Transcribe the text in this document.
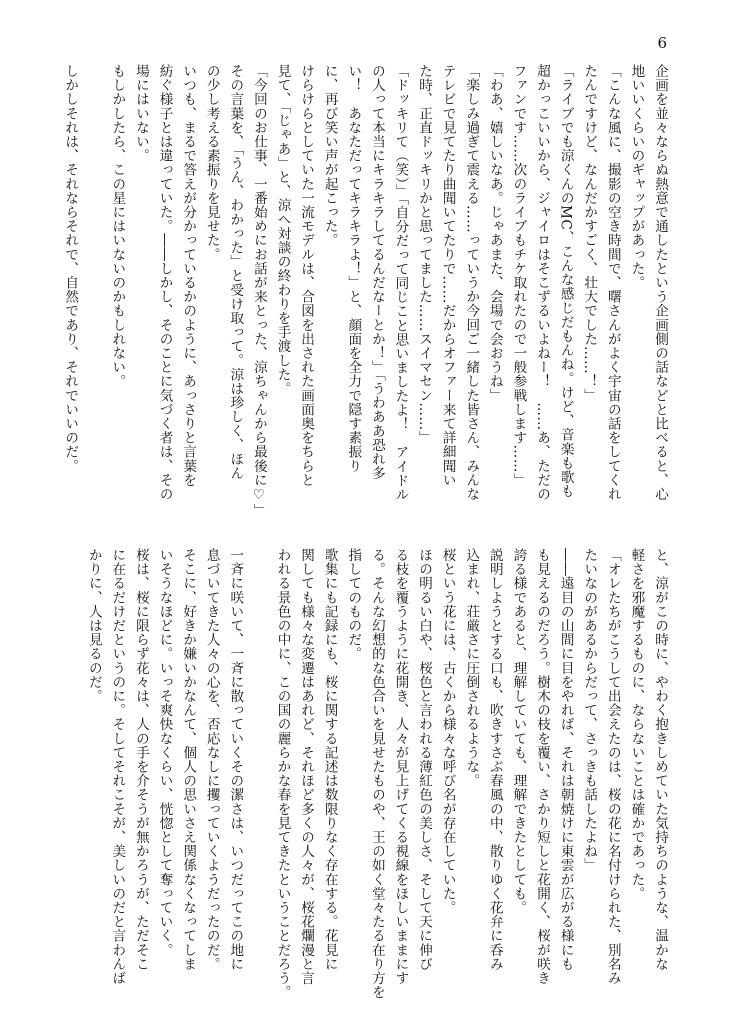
6
企画を並々ならぬ熱意で通したという企画側の話などと比べると、心
地いいくらいのギャップがあった。
「こんな風に、撮影の空き時間で、曙さんがよく宇宙の話をしてくれ
たんですけど、なんだかすごく、壮大でした……！」
「ライブでも涼くんのMC、こんな感じだもんね。けど、音楽も歌も
超かっこいいから、ジャイロはそこずるいよねー！　……あ、ただの
ファンです……次のライブもチケ取れたので一般参戦します……」
「わあ、嬉しいなあ。じゃあまた、会場で会おうね」
「楽しみ過ぎて震える……っていうか今回ご一緒した皆さん、みんな
テレビで見てたり曲聞いてたりで……だからオファー来て詳細聞い
た時、正直ドッキリかと思ってました……スイマセン……」
「ドッキリて（笑）」「自分だって同じこと思いましたよ！　アイドル
の人って本当にキラキラしてるんだなーとか！」「うわああ恐れ多
い！　あなただってキラキラよ！」と、顔面を全力で隠す素振り
に、再び笑い声が起こった。
けらけらとしていた一流モデルは、合図を出された画面奥をちらと
見て、「じゃあ」と、涼へ対談の終わりを手渡した。
「今回のお仕事、一番始めにお話が来とった、涼ちゃんから最後に♡」
その言葉を、「うん、わかった」と受け取って。涼は珍しく、ほん
の少し考える素振りを見せた。
いつも、まるで答えが分かっているかのように、あっさりと言葉を
紡ぐ様子とは違っていた。――しかし、そのことに気づく者は、その
場にはいない。
もしかしたら、この星にはいないのかもしれない。

しかしそれは、それならそれで、自然であり、それでいいのだ。
と、涼がこの時に、やわく抱きしめていた気持ちのような、温かな
軽さを邪魔するものに、ならないことは確かであった。
「オレたちがこうして出会えたのは、桜の花に名付けられた、別名み
たいなのがあるからだって、さっきも話したよね」
――遠目の山間に目をやれば、それは朝焼けに東雲が広がる様にも
も見えるのだろう。樹木の枝を覆い、さかり短しと花開く、桜が咲き
誇る様であると、理解していても、理解できたとしても。
説明しようとする口も、吹きすさぶ春風の中、散りゆく花弁に呑み
込まれ、荘厳さに圧倒されるような。
桜という花には、古くから様々な呼び名が存在していた。
ほの明るい白や、桜色と言われる薄紅色の美しさ、そして天に伸び
る枝を覆うように花開き、人々が見上げてくる視線をほしいままにす
る。そんな幻想的な色合いを見せたものや、王の如く堂々たる在り方を
指してのものだ。
歌集にも記録にも、桜に関する記述は数限りなく存在する。花見に
関しても様々な変遷はあれど、それほど多くの人々が、桜花爛漫と言
われる景色の中に、この国の麗らかな春を見てきたということだろう。

一斉に咲いて、一斉に散っていくその潔さは、いつだってこの地に
息づいてきた人々の心を、否応なしに攫っていくようだったのだ。
そこに、好きか嫌いかなんて、個人の思いさえ関係なくなってしま
いそうなほどに。いっそ爽快なくらい、恍惚として奪っていく。
桜は、桜に限らず花々は、人の手を介そうが無かろうが、ただそこ
に在るだけだというのに。そしてそれこそが、美しいのだと言わんば
かりに、人は見るのだ。
